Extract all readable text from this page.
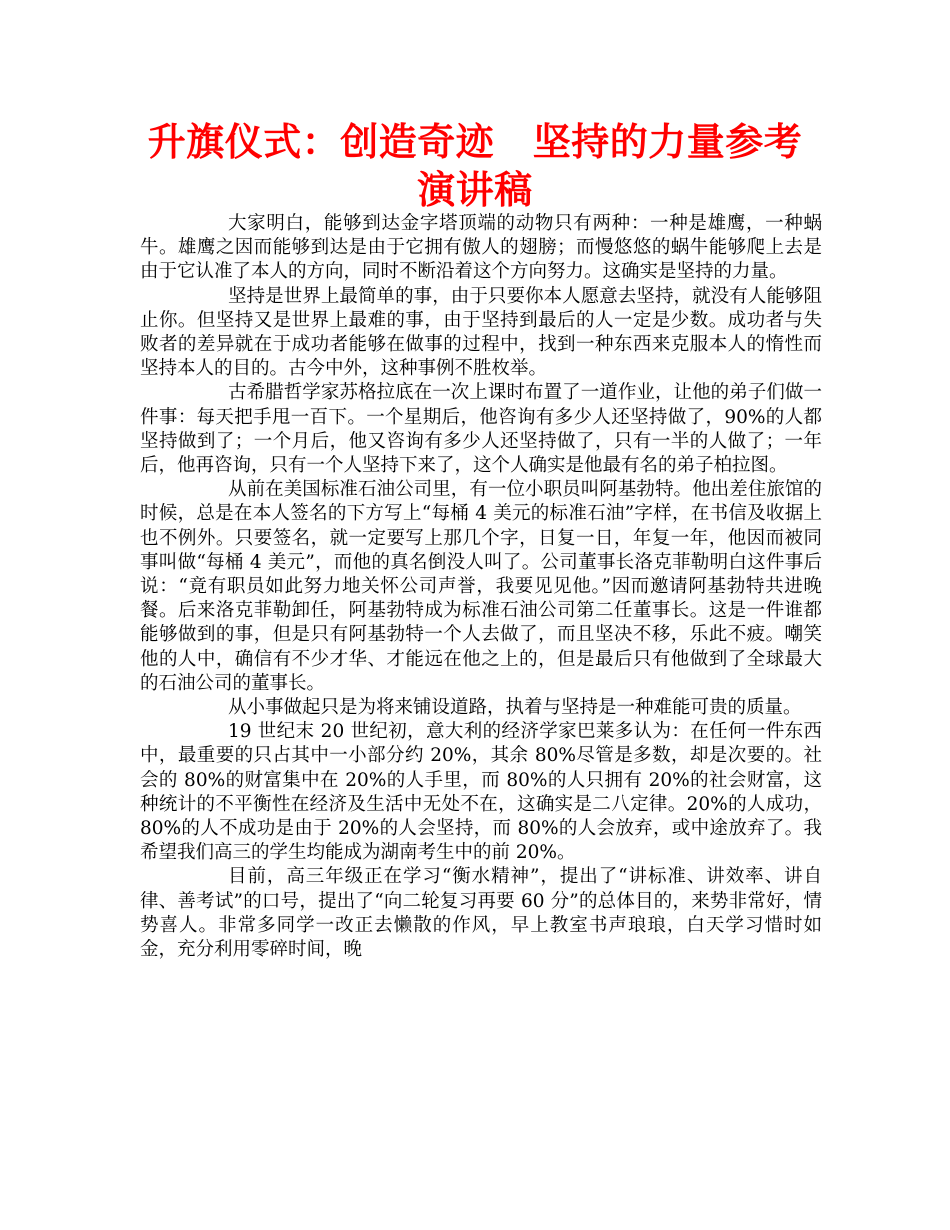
升旗仪式：创造奇迹　坚持的力量参考演讲稿

大家明白，能够到达金字塔顶端的动物只有两种：一种是雄鹰，一种蜗牛。雄鹰之因而能够到达是由于它拥有傲人的翅膀；而慢悠悠的蜗牛能够爬上去是由于它认准了本人的方向，同时不断沿着这个方向努力。这确实是坚持的力量。

坚持是世界上最简单的事，由于只要你本人愿意去坚持，就没有人能够阻止你。但坚持又是世界上最难的事，由于坚持到最后的人一定是少数。成功者与失败者的差异就在于成功者能够在做事的过程中，找到一种东西来克服本人的惰性而坚持本人的目的。古今中外，这种事例不胜枚举。

古希腊哲学家苏格拉底在一次上课时布置了一道作业，让他的弟子们做一件事：每天把手甩一百下。一个星期后，他咨询有多少人还坚持做了，90%的人都坚持做到了；一个月后，他又咨询有多少人还坚持做了，只有一半的人做了；一年后，他再咨询，只有一个人坚持下来了，这个人确实是他最有名的弟子柏拉图。

从前在美国标准石油公司里，有一位小职员叫阿基勃特。他出差住旅馆的时候，总是在本人签名的下方写上“每桶 4 美元的标准石油”字样，在书信及收据上也不例外。只要签名，就一定要写上那几个字，日复一日，年复一年，他因而被同事叫做“每桶 4 美元”，而他的真名倒没人叫了。公司董事长洛克菲勒明白这件事后说：“竟有职员如此努力地关怀公司声誉，我要见见他。”因而邀请阿基勃特共进晚餐。后来洛克菲勒卸任，阿基勃特成为标准石油公司第二任董事长。这是一件谁都能够做到的事，但是只有阿基勃特一个人去做了，而且坚决不移，乐此不疲。嘲笑他的人中，确信有不少才华、才能远在他之上的，但是最后只有他做到了全球最大的石油公司的董事长。

从小事做起只是为将来铺设道路，执着与坚持是一种难能可贵的质量。

19 世纪末 20 世纪初，意大利的经济学家巴莱多认为：在任何一件东西中，最重要的只占其中一小部分约 20%，其余 80%尽管是多数，却是次要的。社会的 80%的财富集中在 20%的人手里，而 80%的人只拥有 20%的社会财富，这种统计的不平衡性在经济及生活中无处不在，这确实是二八定律。20%的人成功，80%的人不成功是由于 20%的人会坚持，而 80%的人会放弃，或中途放弃了。我希望我们高三的学生均能成为湖南考生中的前 20%。

目前，高三年级正在学习“衡水精神”，提出了“讲标准、讲效率、讲自律、善考试”的口号，提出了“向二轮复习再要 60 分”的总体目的，来势非常好，情势喜人。非常多同学一改正去懒散的作风，早上教室书声琅琅，白天学习惜时如金，充分利用零碎时间，晚
